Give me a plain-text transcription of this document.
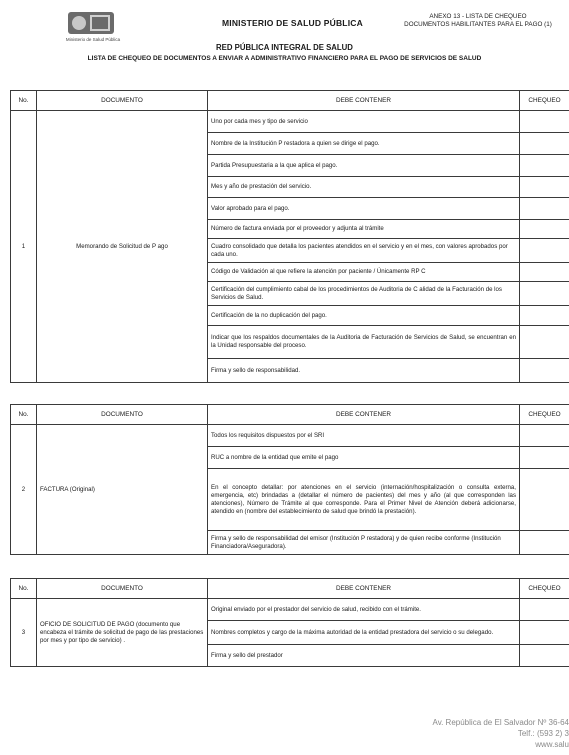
Ministerio de Salud Pública
MINISTERIO DE SALUD PÚBLICA
ANEXO 13 - LISTA DE CHEQUEO
DOCUMENTOS HABILITANTES PARA EL PAGO (1)
RED PÚBLICA INTEGRAL DE SALUD
LISTA DE CHEQUEO DE DOCUMENTOS A ENVIAR A ADMINISTRATIVO FINANCIERO PARA EL PAGO DE SERVICIOS DE SALUD
No.	DOCUMENTO	DEBE CONTENER	CHEQUEO
1	Memorando de Solicitud de P ago	Uno por cada mes y tipo de servicio	
		Nombre de la Institución P restadora a quien se dirige el pago.	
		Partida Presupuestaria a la que aplica el pago.	
		Mes y año de prestación del servicio.	
		Valor aprobado para el pago.	
		Número de factura enviada por el proveedor y adjunta al trámite	
		Cuadro consolidado que detalla los pacientes atendidos en el servicio y en el mes, con valores aprobados por cada uno.	
		Código de Validación al que refiere la atención por paciente / Únicamente RP C	
		Certificación del cumplimiento cabal de los procedimientos de Auditoria de C alidad de la Facturación de los Servicios de Salud.	
		Certificación de la no duplicación del pago.	
		Indicar que los respaldos documentales de la Auditoria de Facturación de Servicios de Salud, se encuentran en la Unidad responsable del proceso.	
		Firma y sello de responsabilidad.	
No.	DOCUMENTO	DEBE CONTENER	CHEQUEO
2	FACTURA (Original)	Todos los requisitos dispuestos por el SRI	
		RUC a nombre de la entidad que emite el pago	
		En el concepto detallar: por atenciones en el servicio (internación/hospitalización o consulta externa, emergencia, etc) brindadas a (detallar el número de pacientes) del mes y año (al que corresponden las atenciones), Número de Trámite al que corresponde. Para el Primer Nivel de Atención deberá adicionarse, atendido en (nombre del establecimiento de salud que brindó la prestación).	
		Firma y sello de responsabilidad del emisor (Institución P restadora) y de quien recibe conforme (Institución Financiadora/Aseguradora).	
No.	DOCUMENTO	DEBE CONTENER	CHEQUEO
3	OFICIO DE SOLICITUD DE PAGO (documento que encabeza el trámite de solicitud de pago de las prestaciones por mes y por tipo de servicio) .	Original enviado por el prestador del servicio de salud, recibido con el trámite.	
		Nombres completos y cargo de la máxima autoridad de la entidad prestadora del servicio o su delegado.	
		Firma y sello del prestador	
Av. República de El Salvador Nº 36-64
Telf.: (593 2) 3
www.salu
